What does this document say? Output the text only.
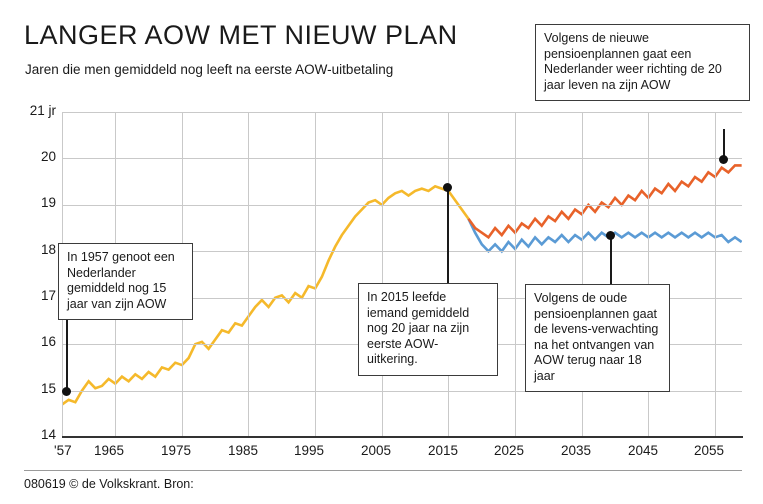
LANGER AOW MET NIEUW PLAN
Jaren die men gemiddeld nog leeft na eerste AOW-uitbetaling
21 jr
20
19
18
17
16
15
14
'57 1965	1975	1985	1995	2005	2015	2025	2035	2045	2055
In 1957 genoot een Nederlander gemiddeld nog 15 jaar van zijn AOW	In 2015 leefde iemand gemiddeld nog 20 jaar na zijn eerste AOW-uitkering.
Volgens de oude pensioenplannen gaat de levens-verwachting na het ontvangen van AOW terug naar 18 jaar
Volgens de nieuwe pensioenplannen gaat een Nederlander weer richting de 20 jaar leven na zijn AOW
080619 © de Volkskrant. Bron:
